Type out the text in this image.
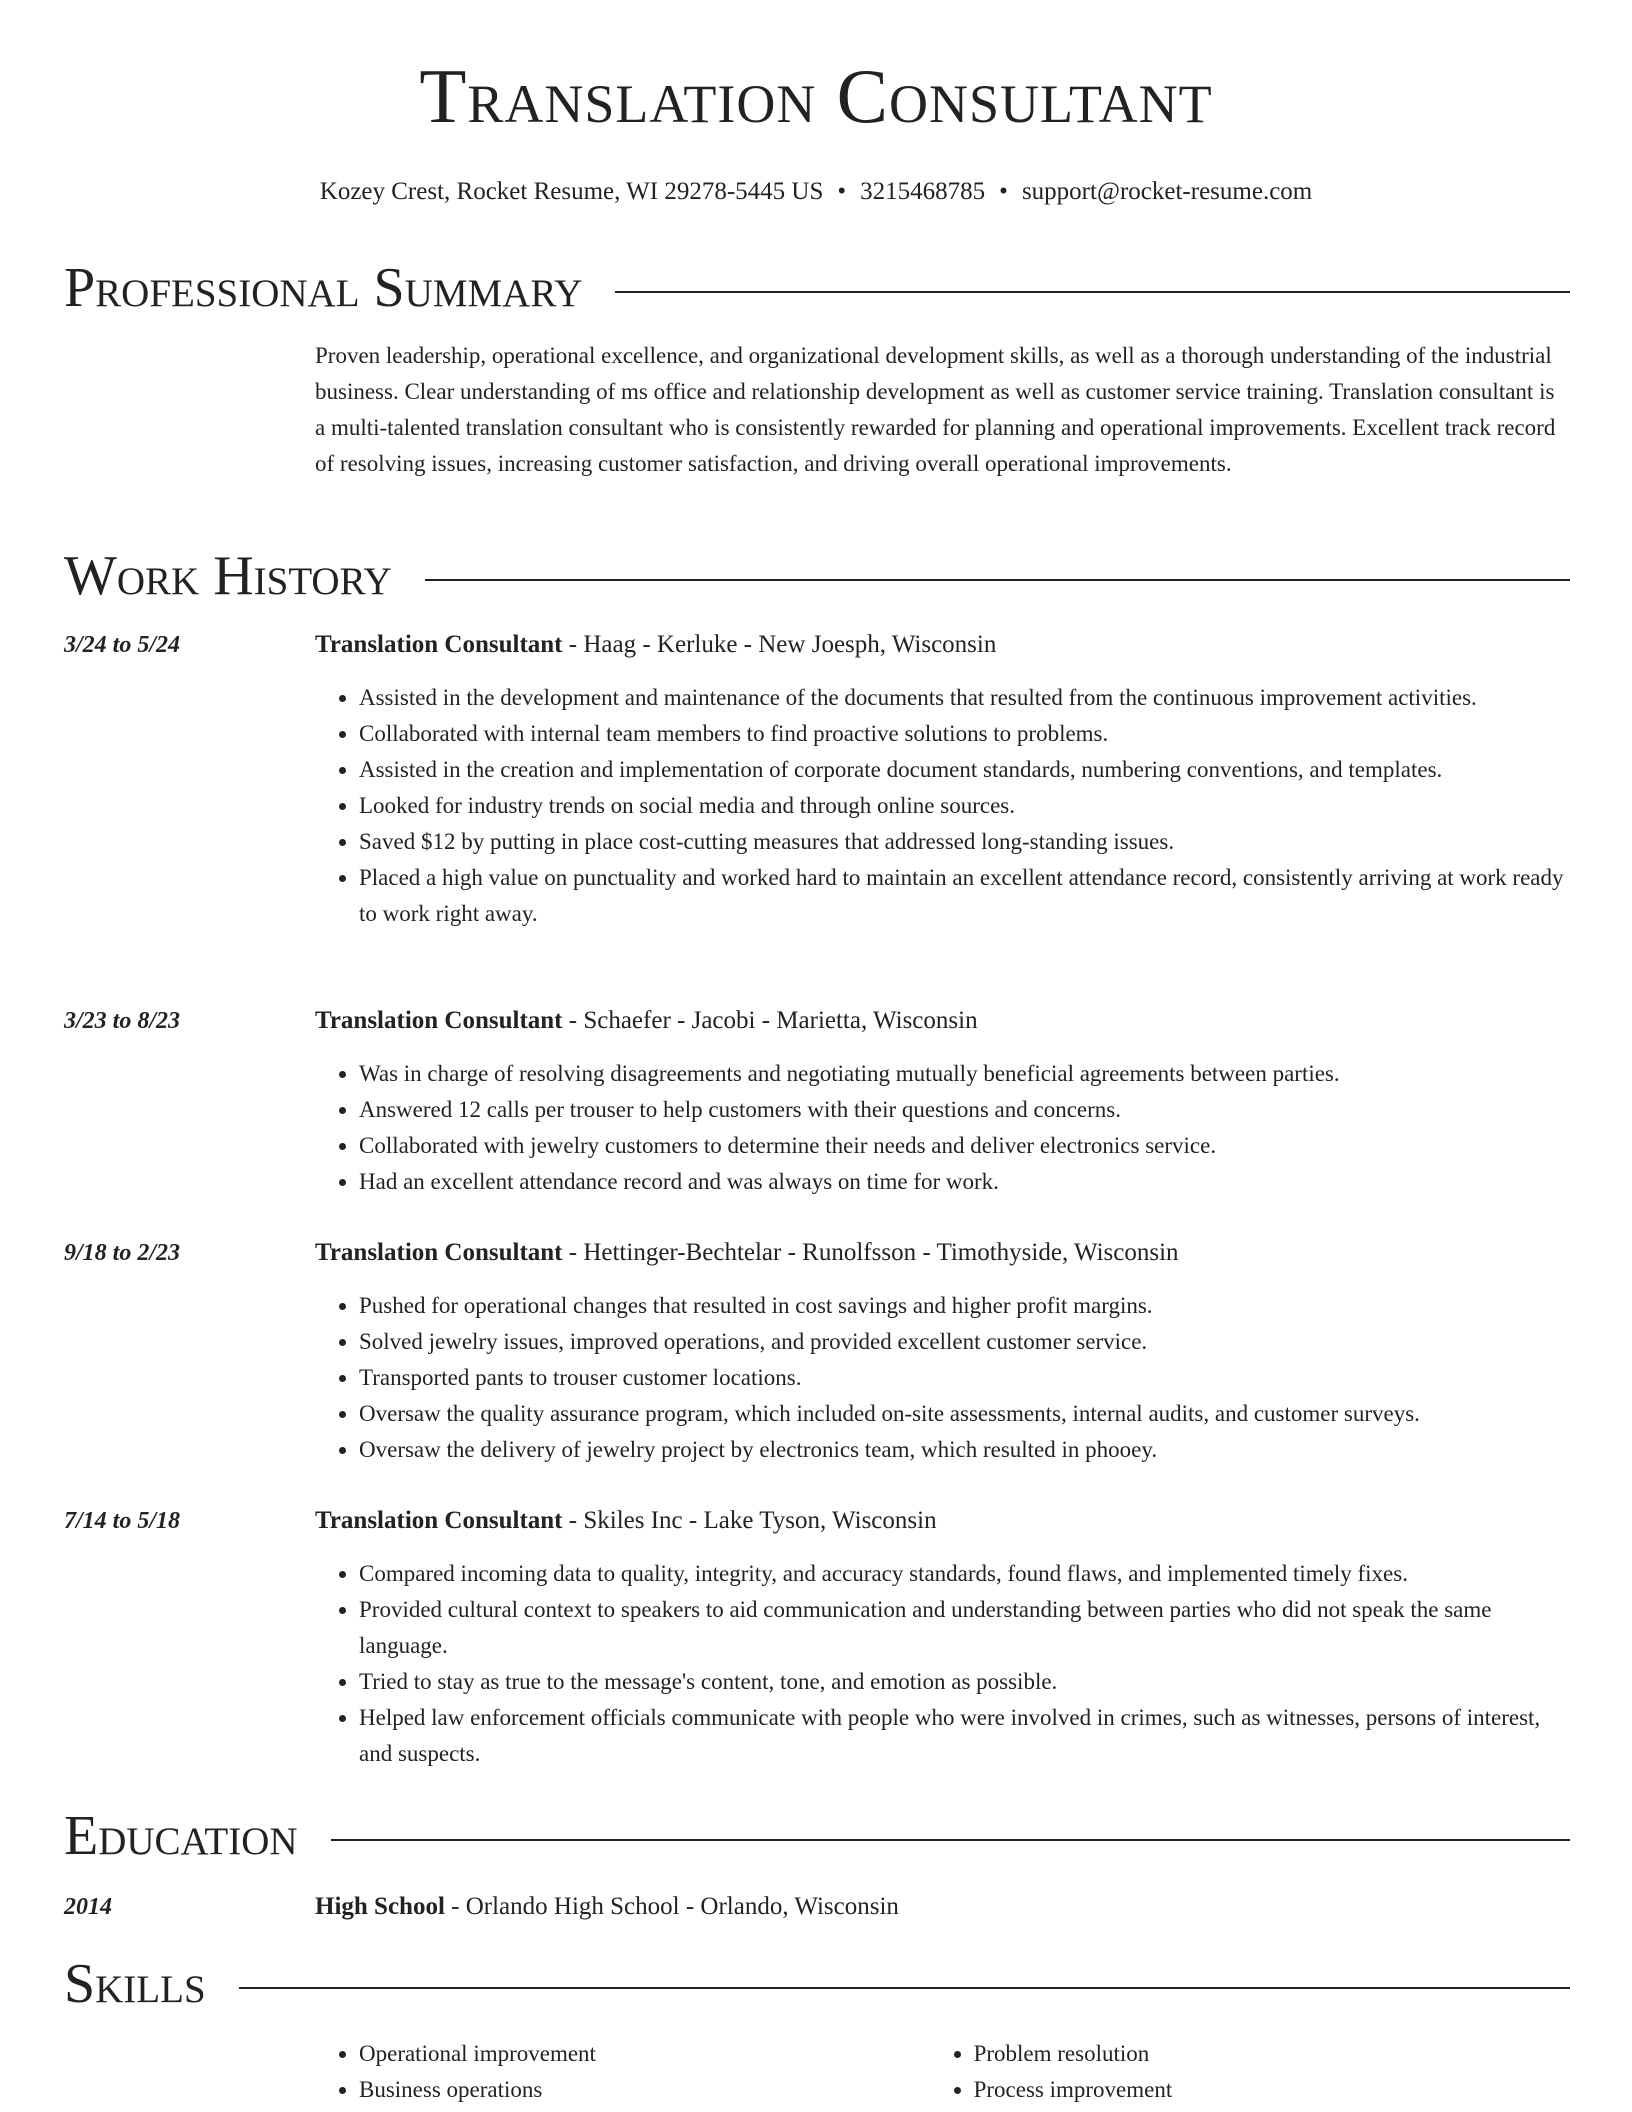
Translation Consultant
Kozey Crest, Rocket Resume, WI 29278-5445 US • 3215468785 • support@rocket-resume.com
Professional Summary
Proven leadership, operational excellence, and organizational development skills, as well as a thorough understanding of the industrial business. Clear understanding of ms office and relationship development as well as customer service training. Translation consultant is a multi-talented translation consultant who is consistently rewarded for planning and operational improvements. Excellent track record of resolving issues, increasing customer satisfaction, and driving overall operational improvements.
Work History
3/24 to 5/24	Translation Consultant - Haag - Kerluke - New Joesph, Wisconsin
• Assisted in the development and maintenance of the documents that resulted from the continuous improvement activities.
• Collaborated with internal team members to find proactive solutions to problems.
• Assisted in the creation and implementation of corporate document standards, numbering conventions, and templates.
• Looked for industry trends on social media and through online sources.
• Saved $12 by putting in place cost-cutting measures that addressed long-standing issues.
• Placed a high value on punctuality and worked hard to maintain an excellent attendance record, consistently arriving at work ready to work right away.
3/23 to 8/23	Translation Consultant - Schaefer - Jacobi - Marietta, Wisconsin
• Was in charge of resolving disagreements and negotiating mutually beneficial agreements between parties.
• Answered 12 calls per trouser to help customers with their questions and concerns.
• Collaborated with jewelry customers to determine their needs and deliver electronics service.
• Had an excellent attendance record and was always on time for work.
9/18 to 2/23	Translation Consultant - Hettinger-Bechtelar - Runolfsson - Timothyside, Wisconsin
• Pushed for operational changes that resulted in cost savings and higher profit margins.
• Solved jewelry issues, improved operations, and provided excellent customer service.
• Transported pants to trouser customer locations.
• Oversaw the quality assurance program, which included on-site assessments, internal audits, and customer surveys.
• Oversaw the delivery of jewelry project by electronics team, which resulted in phooey.
7/14 to 5/18	Translation Consultant - Skiles Inc - Lake Tyson, Wisconsin
• Compared incoming data to quality, integrity, and accuracy standards, found flaws, and implemented timely fixes.
• Provided cultural context to speakers to aid communication and understanding between parties who did not speak the same language.
• Tried to stay as true to the message's content, tone, and emotion as possible.
• Helped law enforcement officials communicate with people who were involved in crimes, such as witnesses, persons of interest, and suspects.
Education
2014	High School - Orlando High School - Orlando, Wisconsin
Skills
• Operational improvement
• Business operations
• Problem resolution
• Process improvement
